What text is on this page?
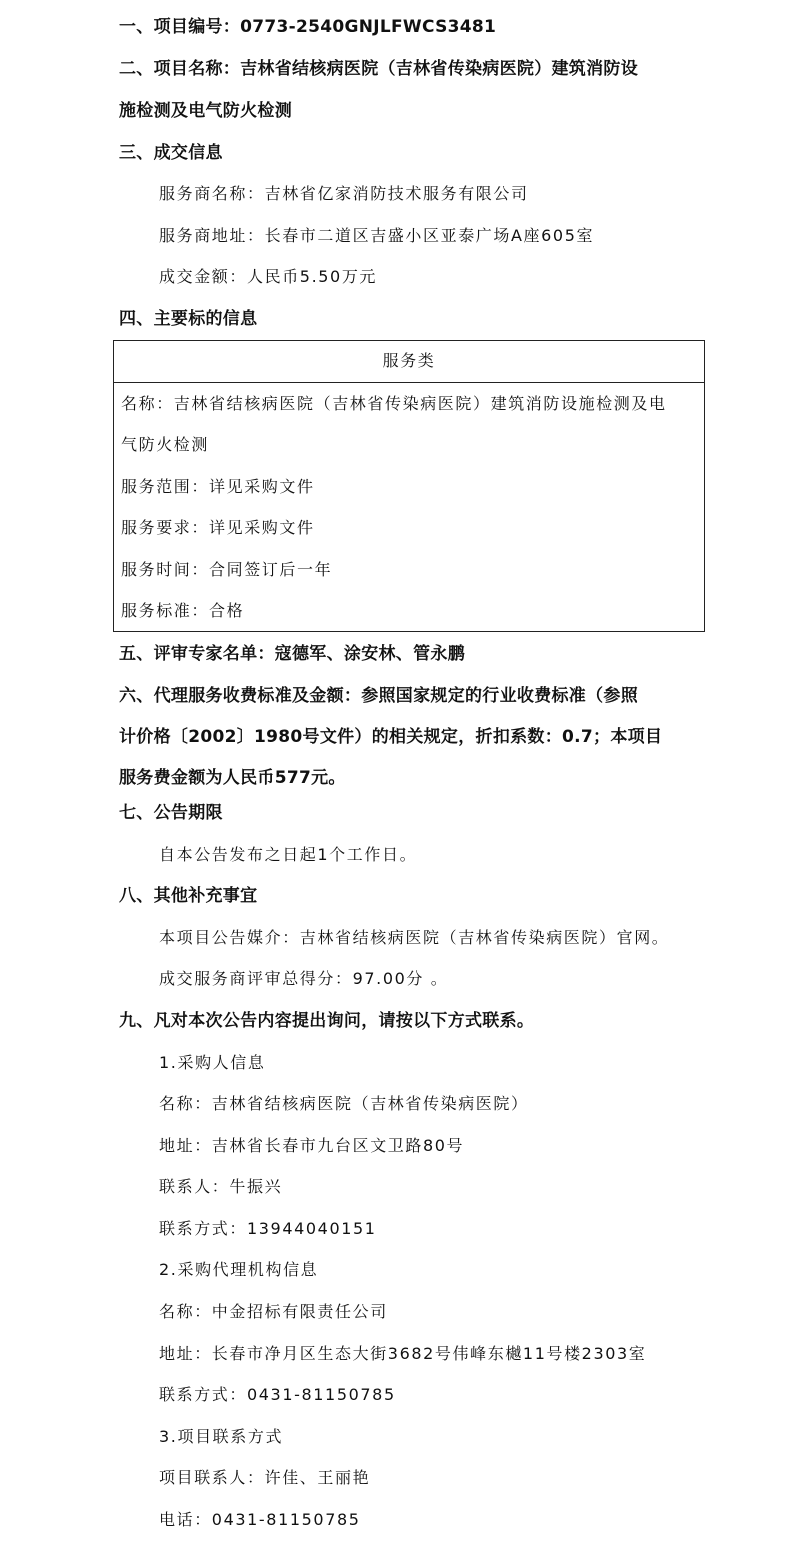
一、项目编号：0773-2540GNJLFWCS3481
二、项目名称：吉林省结核病医院（吉林省传染病医院）建筑消防设
施检测及电气防火检测
三、成交信息
服务商名称：吉林省亿家消防技术服务有限公司
服务商地址：长春市二道区吉盛小区亚泰广场A座605室
成交金额：人民币5.50万元
四、主要标的信息
服务类
名称：吉林省结核病医院（吉林省传染病医院）建筑消防设施检测及电
气防火检测
服务范围：详见采购文件
服务要求：详见采购文件
服务时间：合同签订后一年
服务标准：合格
五、评审专家名单：寇德军、涂安林、管永鹏
六、代理服务收费标准及金额：参照国家规定的行业收费标准（参照
计价格〔2002〕1980号文件）的相关规定，折扣系数：0.7；本项目
服务费金额为人民币577元。
七、公告期限
自本公告发布之日起1个工作日。
八、其他补充事宜
本项目公告媒介：吉林省结核病医院（吉林省传染病医院）官网。
成交服务商评审总得分：97.00分 。
九、凡对本次公告内容提出询问，请按以下方式联系。
1.采购人信息
名称：吉林省结核病医院（吉林省传染病医院）
地址：吉林省长春市九台区文卫路80号
联系人：牛振兴
联系方式：13944040151
2.采购代理机构信息
名称：中金招标有限责任公司
地址：长春市净月区生态大街3682号伟峰东樾11号楼2303室
联系方式：0431-81150785
3.项目联系方式
项目联系人：许佳、王丽艳
电话：0431-81150785
